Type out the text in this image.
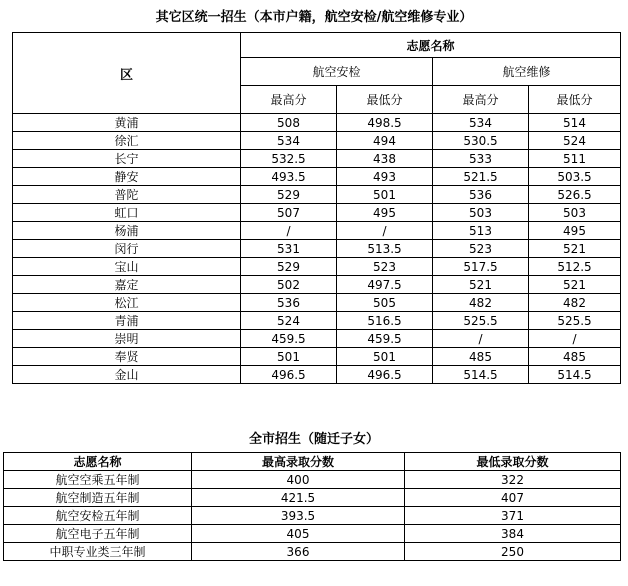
其它区统一招生（本市户籍，航空安检/航空维修专业）
区	志愿名称			
	航空安检		航空维修	
	最高分	最低分	最高分	最低分
黄浦	508	498.5	534	514
徐汇	534	494	530.5	524
长宁	532.5	438	533	511
静安	493.5	493	521.5	503.5
普陀	529	501	536	526.5
虹口	507	495	503	503
杨浦	/	/	513	495
闵行	531	513.5	523	521
宝山	529	523	517.5	512.5
嘉定	502	497.5	521	521
松江	536	505	482	482
青浦	524	516.5	525.5	525.5
崇明	459.5	459.5	/	/
奉贤	501	501	485	485
金山	496.5	496.5	514.5	514.5
全市招生（随迁子女）
志愿名称	最高录取分数	最低录取分数
航空空乘五年制	400	322
航空制造五年制	421.5	407
航空安检五年制	393.5	371
航空电子五年制	405	384
中职专业类三年制	366	250
